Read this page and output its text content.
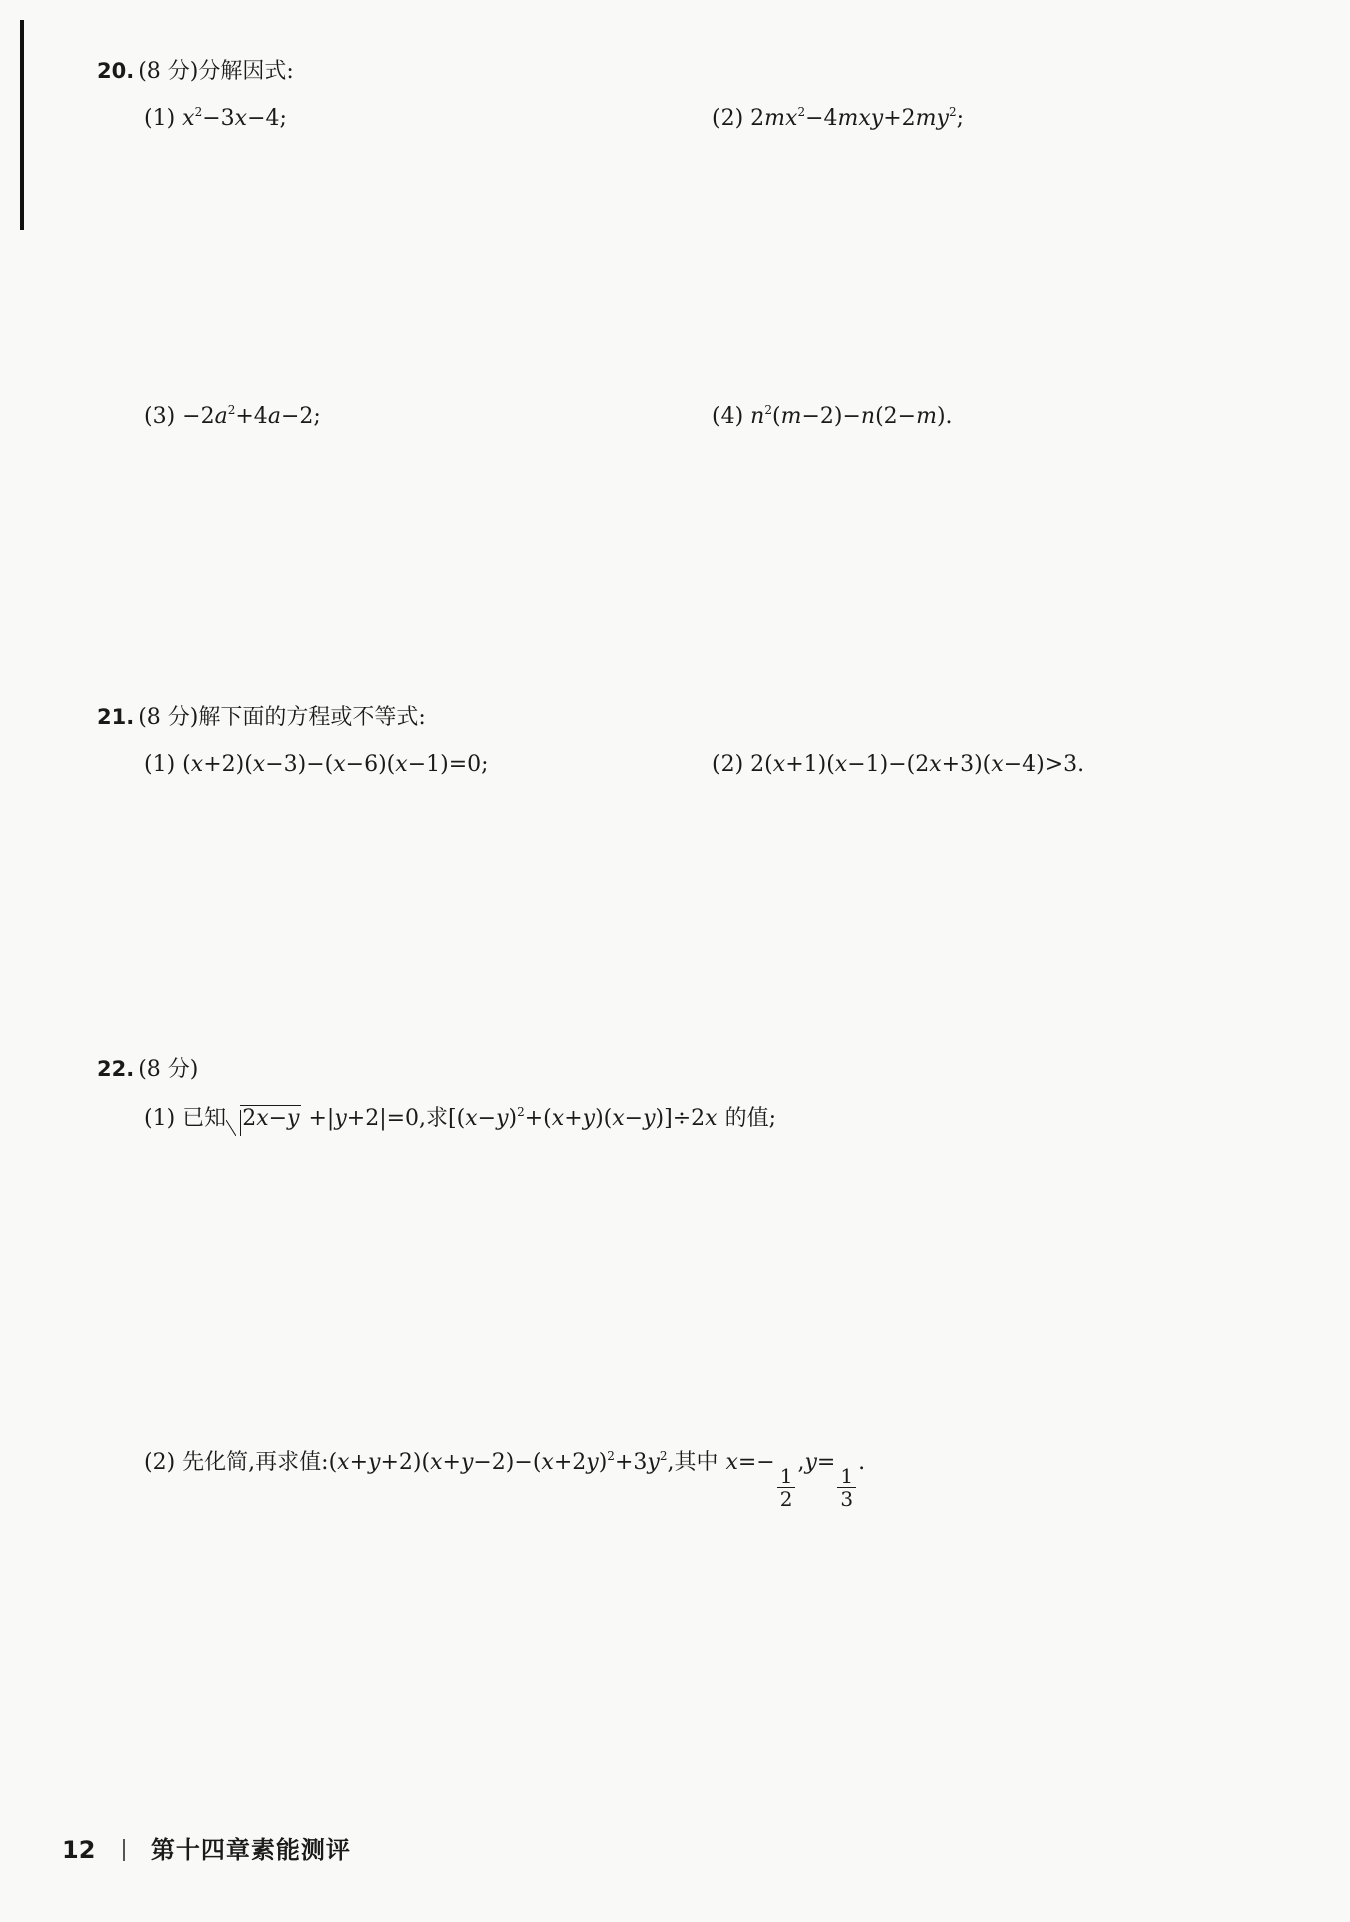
20. (8 分)分解因式:
(1) $x^2-3x-4$;	(2) $2mx^2-4mxy+2my^2$;
$(3) -2a^2+4a-2$;	(4) $n^2(m-2)-n(2-m)$.
21. (8 分)解下面的方程或不等式:
(1) (x+2)(x−3)−(x−6)(x−1)=0;	(2) 2(x+1)(x−1)−(2x+3)(x−4)>3.
22. (8 分)
(1) 已知 2x−y +|y+2|=0,求$[(x-y)^2+(x+y)(x-y)]\div 2x$ 的值;
(2) 先化简,再求值$:(x+y+2)(x+y-2)-(x+2y)^2+3y^2$,其中 x=−
$\frac{1}{2}$
,y=
$\frac{1}{3}$
.
12 第十四章素能测评
